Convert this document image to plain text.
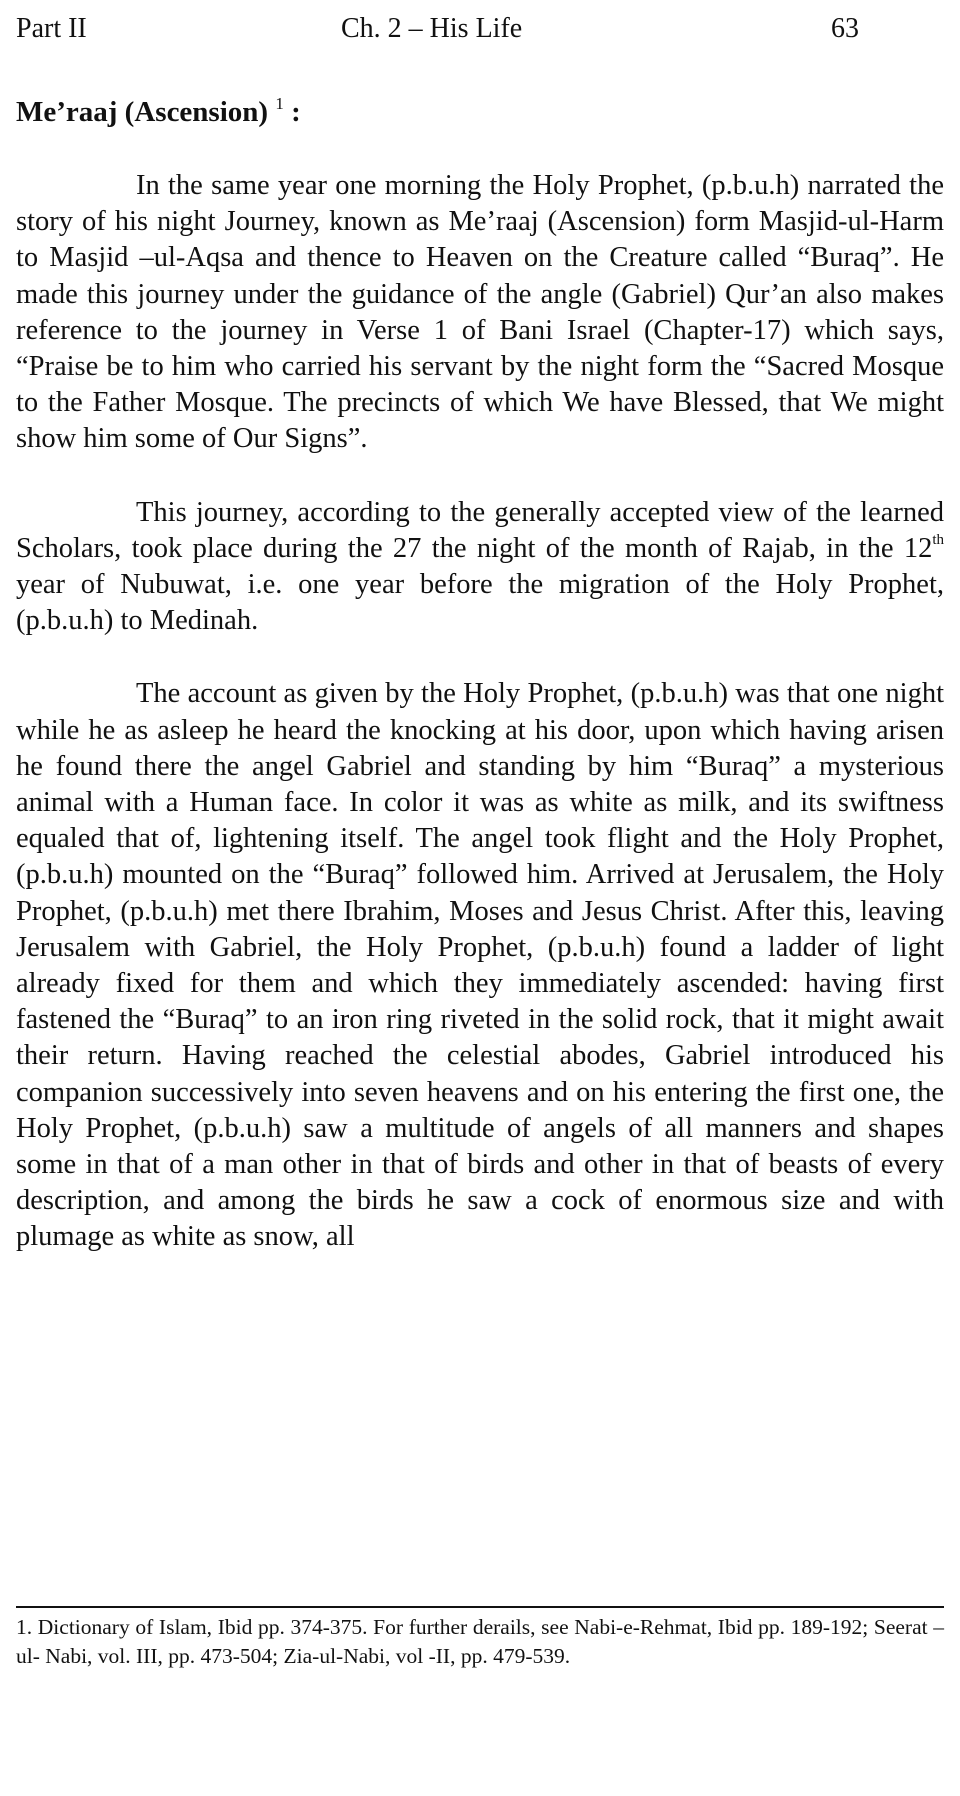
Part II	Ch. 2 – His Life	63
Me’raaj (Ascension) $^1$ :

In the same year one morning the Holy Prophet, (p.b.u.h) narrated the story of his night Journey, known as Me’raaj (Ascension) form Masjid-ul-Harm to Masjid –ul-Aqsa and thence to Heaven on the Creature called “Buraq”. He made this journey under the guidance of the angle (Gabriel) Qur’an also makes reference to the journey in Verse 1 of Bani Israel (Chapter-17) which says, “Praise be to him who carried his servant by the night form the “Sacred Mosque to the Father Mosque. The precincts of which We have Blessed, that We might show him some of Our Signs”.

This journey, according to the generally accepted view of the learned Scholars, took place during the 27 the night of the month of Rajab, in the 12th year of Nubuwat, i.e. one year before the migration of the Holy Prophet, (p.b.u.h) to Medinah.

The account as given by the Holy Prophet, (p.b.u.h) was that one night while he as asleep he heard the knocking at his door, upon which having arisen he found there the angel Gabriel and standing by him “Buraq” a mysterious animal with a Human face. In color it was as white as milk, and its swiftness equaled that of, lightening itself. The angel took flight and the Holy Prophet, (p.b.u.h) mounted on the “Buraq” followed him. Arrived at Jerusalem, the Holy Prophet, (p.b.u.h) met there Ibrahim, Moses and Jesus Christ. After this, leaving Jerusalem with Gabriel, the Holy Prophet, (p.b.u.h) found a ladder of light already fixed for them and which they immediately ascended: having first fastened the “Buraq” to an iron ring riveted in the solid rock, that it might await their return. Having reached the celestial abodes, Gabriel introduced his companion successively into seven heavens and on his entering the first one, the Holy Prophet, (p.b.u.h) saw a multitude of angels of all manners and shapes some in that of a man other in that of birds and other in that of beasts of every description, and among the birds he saw a cock of enormous size and with plumage as white as snow, all

1. Dictionary of Islam, Ibid pp. 374-375. For further derails, see Nabi-e-Rehmat, Ibid pp. 189-192; Seerat –ul- Nabi, vol. III, pp. 473-504; Zia-ul-Nabi, vol -II, pp. 479-539.
